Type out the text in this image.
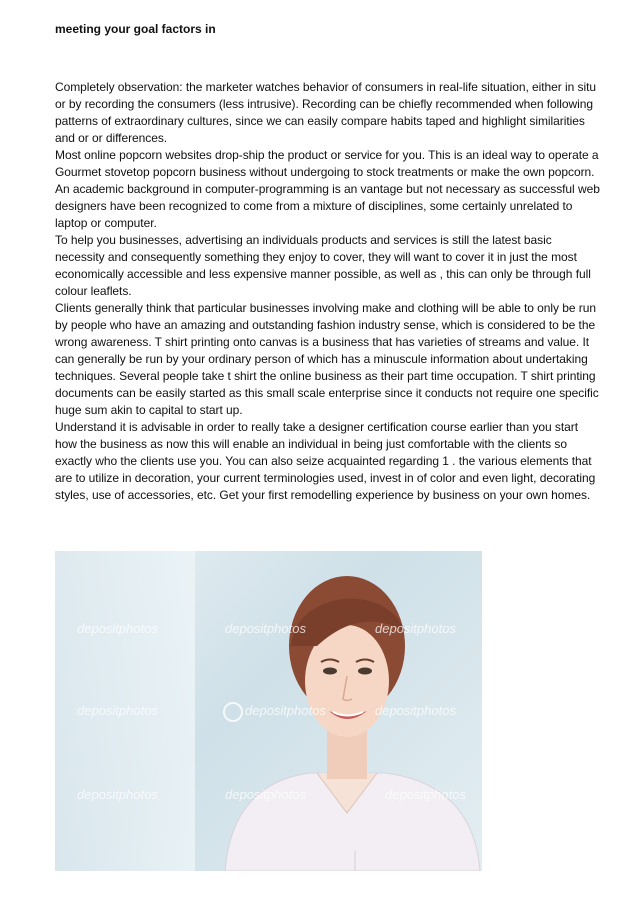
meeting your goal factors in

Completely observation: the marketer watches behavior of consumers in real-life situation, either in situ or by recording the consumers (less intrusive). Recording can be chiefly recommended when following patterns of extraordinary cultures, since we can easily compare habits taped and highlight similarities and or or differences.

Most online popcorn websites drop-ship the product or service for you. This is an ideal way to operate a Gourmet stovetop popcorn business without undergoing to stock treatments or make the own popcorn.

An academic background in computer-programming is an vantage but not necessary as successful web designers have been recognized to come from a mixture of disciplines, some certainly unrelated to laptop or computer.

To help you businesses, advertising an individuals products and services is still the latest basic necessity and consequently something they enjoy to cover, they will want to cover it in just the most economically accessible and less expensive manner possible, as well as , this can only be through full colour leaflets.

Clients generally think that particular businesses involving make and clothing will be able to only be run by people who have an amazing and outstanding fashion industry sense, which is considered to be the wrong awareness. T shirt printing onto canvas is a business that has varieties of streams and value. It can generally be run by your ordinary person of which has a minuscule information about undertaking techniques. Several people take t shirt the online business as their part time occupation. T shirt printing documents can be easily started as this small scale enterprise since it conducts not require one specific huge sum akin to capital to start up.

Understand it is advisable in order to really take a designer certification course earlier than you start how the business as now this will enable an individual in being just comfortable with the clients so exactly who the clients use you. You can also seize acquainted regarding 1 . the various elements that are to utilize in decoration, your current terminologies used, invest in of color and even light, decorating styles, use of accessories, etc. Get your first remodelling experience by business on your own homes.

depositphotos	depositphotos	depositphotos
depositphotos	depositphotos	depositphotos
depositphotos	depositphotos	depositphotos
